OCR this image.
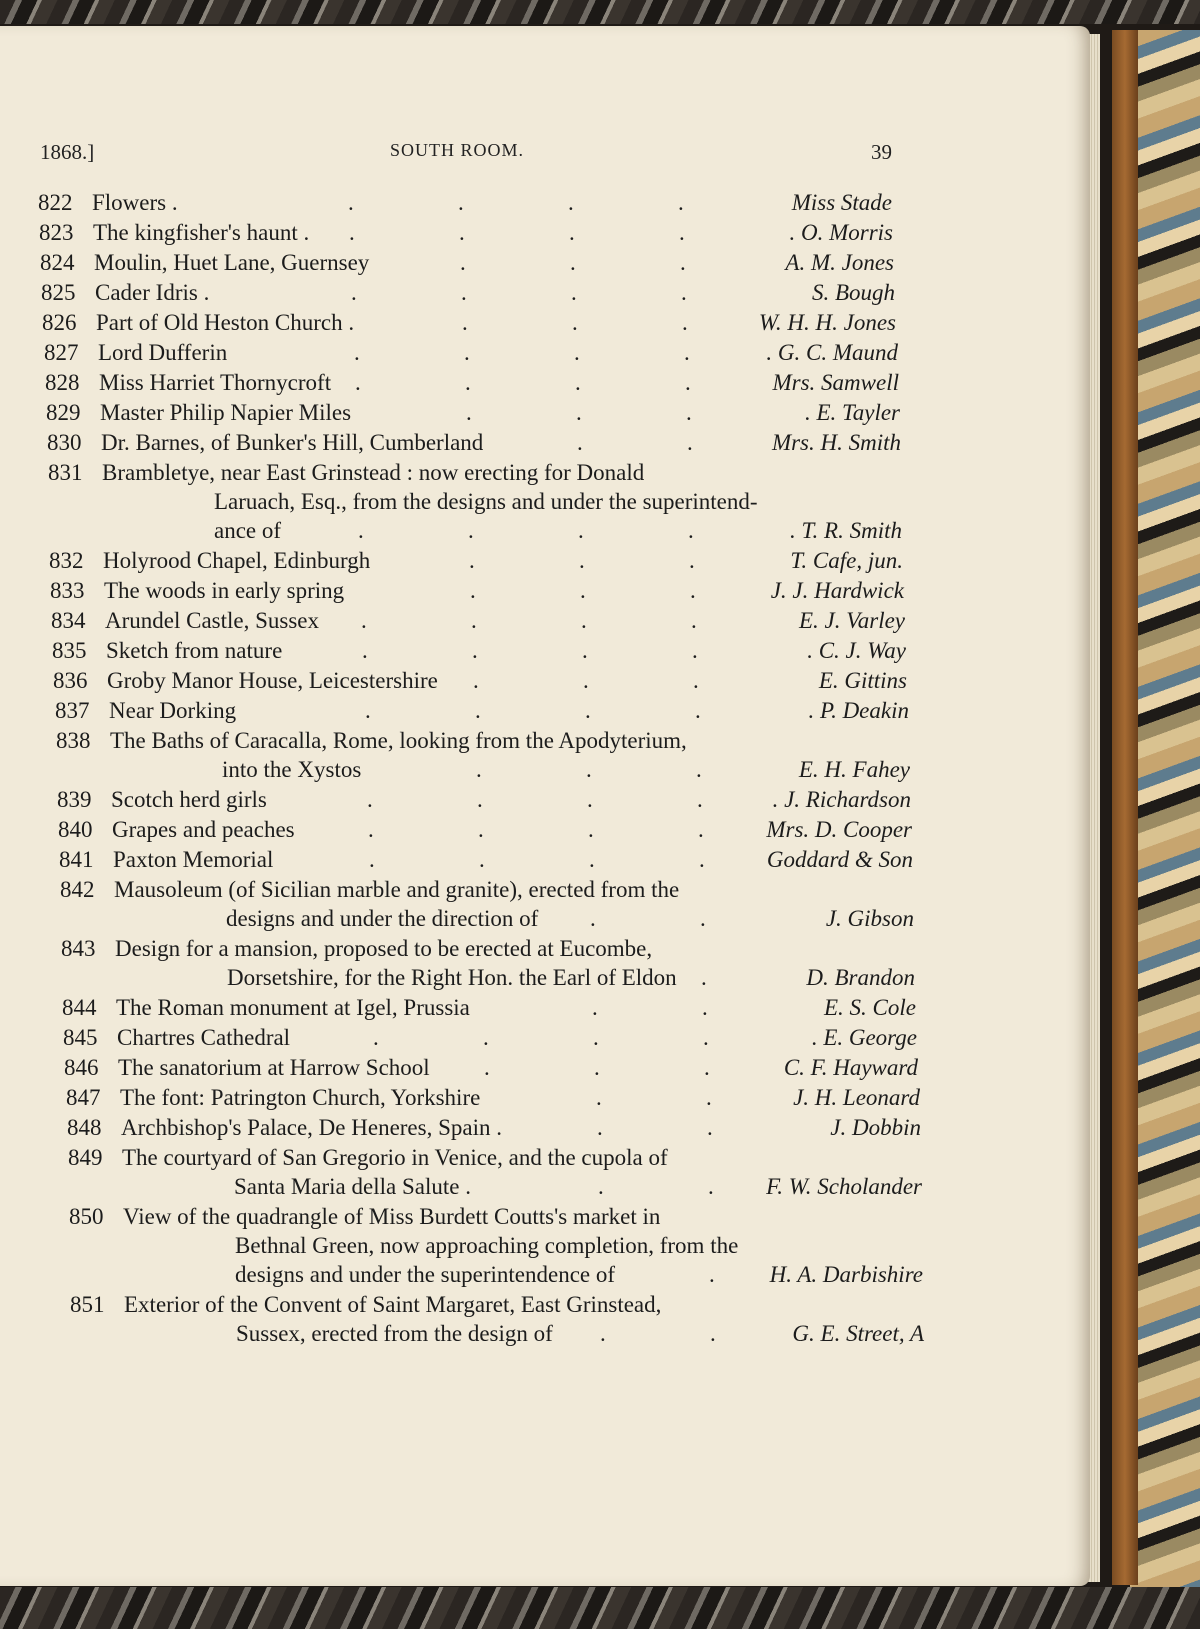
1868.]	SOUTH ROOM.	39
822 Flowers .	Miss Stade
.	.	.	.
823 The kingfisher's haunt .	. O. Morris
.	.	.	.
824 Moulin, Huet Lane, Guernsey	A. M. Jones
.	.	.
825 Cader Idris .	S. Bough
.	.	.	.
826 Part of Old Heston Church .	W. H. H. Jones
.	.	.
827 Lord Dufferin	. G. C. Maund
.	.	.	.
828 Miss Harriet Thornycroft	Mrs. Samwell
.	.	.	.
829 Master Philip Napier Miles	. E. Tayler
.	.	.
830 Dr. Barnes, of Bunker's Hill, Cumberland	Mrs. H. Smith
.	.
831 Brambletye, near East Grinstead : now erecting for Donald
Laruach, Esq., from the designs and under the superintend-
ance of	. T. R. Smith
.	.	.	.
832 Holyrood Chapel, Edinburgh	T. Cafe, jun.
.	.	.
833 The woods in early spring	J. J. Hardwick
.	.	.
834 Arundel Castle, Sussex	E. J. Varley
.	.	.	.
835 Sketch from nature	. C. J. Way
.	.	.	.
836 Groby Manor House, Leicestershire	E. Gittins
.	.	.
837 Near Dorking	. P. Deakin
.	.	.	.
838 The Baths of Caracalla, Rome, looking from the Apodyterium,
into the Xystos	E. H. Fahey
.	.	.
839 Scotch herd girls	. J. Richardson
.	.	.	.
840 Grapes and peaches	Mrs. D. Cooper
.	.	.	.
841 Paxton Memorial	Goddard & Son
.	.	.	.
842 Mausoleum (of Sicilian marble and granite), erected from the
designs and under the direction of	J. Gibson
.	.
843 Design for a mansion, proposed to be erected at Eucombe,
Dorsetshire, for the Right Hon. the Earl of Eldon	D. Brandon
.
844 The Roman monument at Igel, Prussia	E. S. Cole
.	.
845 Chartres Cathedral	. E. George
.	.	.	.
846 The sanatorium at Harrow School	C. F. Hayward
.	.	.
847 The font: Patrington Church, Yorkshire	J. H. Leonard
.	.
848 Archbishop's Palace, De Heneres, Spain .	J. Dobbin
.	.
849 The courtyard of San Gregorio in Venice, and the cupola of
Santa Maria della Salute .	F. W. Scholander
.	.
850 View of the quadrangle of Miss Burdett Coutts's market in
Bethnal Green, now approaching completion, from the
designs and under the superintendence of	H. A. Darbishire
.
851 Exterior of the Convent of Saint Margaret, East Grinstead,
Sussex, erected from the design of	G. E. Street, A
.	.
